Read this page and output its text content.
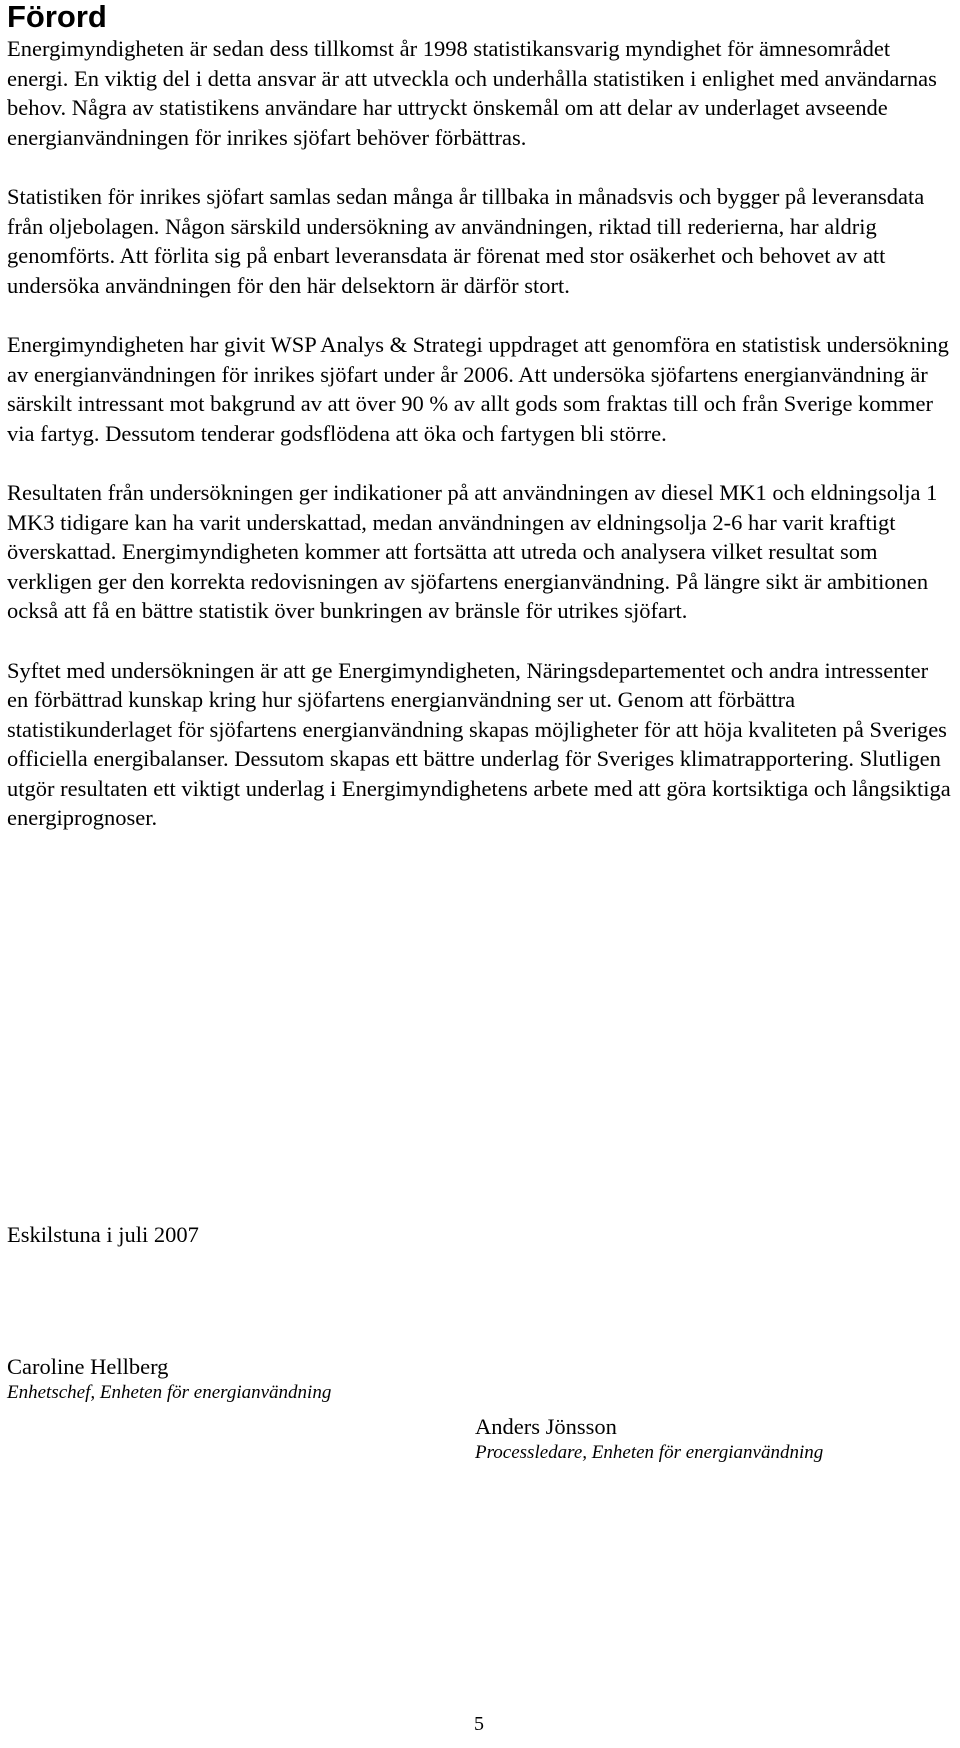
Förord

Energimyndigheten är sedan dess tillkomst år 1998 statistikansvarig myndighet för ämnesområdet energi. En viktig del i detta ansvar är att utveckla och underhålla statistiken i enlighet med användarnas behov. Några av statistikens användare har uttryckt önskemål om att delar av underlaget avseende energianvändningen för inrikes sjöfart behöver förbättras.

Statistiken för inrikes sjöfart samlas sedan många år tillbaka in månadsvis och bygger på leveransdata från oljebolagen. Någon särskild undersökning av användningen, riktad till rederierna, har aldrig genomförts. Att förlita sig på enbart leveransdata är förenat med stor osäkerhet och behovet av att undersöka användningen för den här delsektorn är därför stort.

Energimyndigheten har givit WSP Analys & Strategi uppdraget att genomföra en statistisk undersökning av energianvändningen för inrikes sjöfart under år 2006. Att undersöka sjöfartens energianvändning är särskilt intressant mot bakgrund av att över 90 % av allt gods som fraktas till och från Sverige kommer via fartyg. Dessutom tenderar godsflödena att öka och fartygen bli större.

Resultaten från undersökningen ger indikationer på att användningen av diesel MK1 och eldningsolja 1 MK3 tidigare kan ha varit underskattad, medan användningen av eldningsolja 2-6 har varit kraftigt överskattad. Energimyndigheten kommer att fortsätta att utreda och analysera vilket resultat som verkligen ger den korrekta redovisningen av sjöfartens energianvändning. På längre sikt är ambitionen också att få en bättre statistik över bunkringen av bränsle för utrikes sjöfart.

Syftet med undersökningen är att ge Energimyndigheten, Näringsdepartementet och andra intressenter en förbättrad kunskap kring hur sjöfartens energianvändning ser ut. Genom att förbättra statistikunderlaget för sjöfartens energianvändning skapas möjligheter för att höja kvaliteten på Sveriges officiella energibalanser. Dessutom skapas ett bättre underlag för Sveriges klimatrapportering. Slutligen utgör resultaten ett viktigt underlag i Energimyndighetens arbete med att göra kortsiktiga och långsiktiga energiprognoser.

Eskilstuna i juli 2007

Caroline Hellberg

Enhetschef, Enheten för energianvändning

Anders Jönsson

Processledare, Enheten för energianvändning

5
